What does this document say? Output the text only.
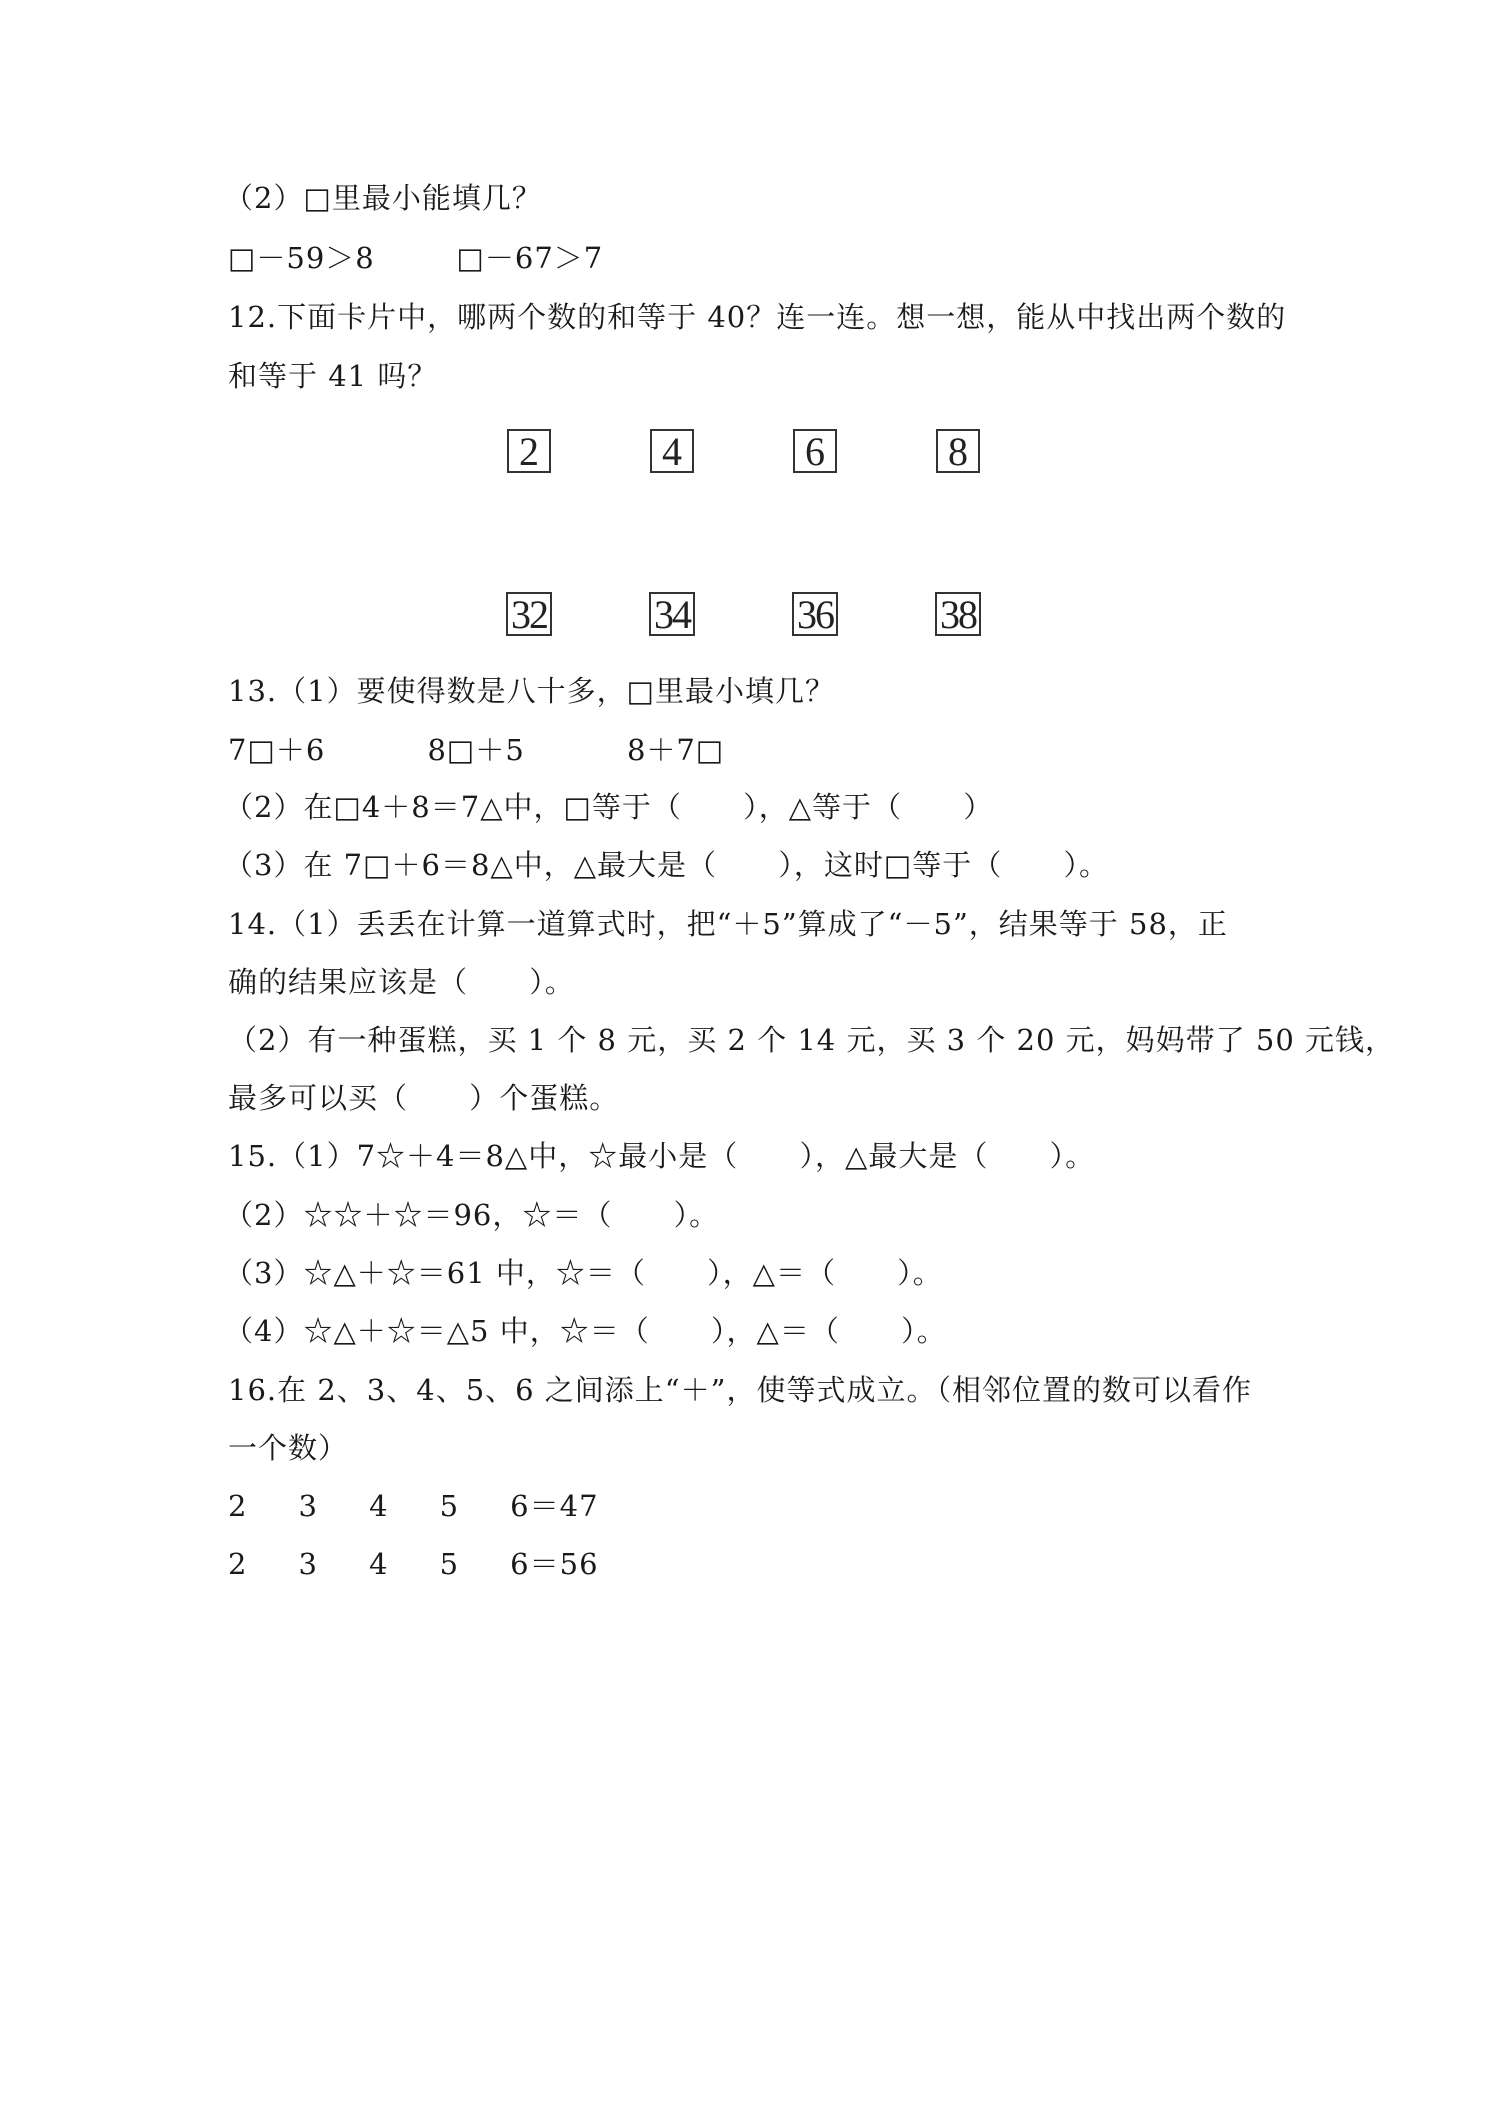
（2）□里最小能填几？
□－59＞8        □－67＞7
12.下面卡片中，哪两个数的和等于 40？连一连。想一想，能从中找出两个数的
和等于 41 吗？
2	4	6	8
32	34	36	38
13.（1）要使得数是八十多，□里最小填几？
7□＋6          8□＋5          8＋7□
（2）在□4＋8＝7△中，□等于（      ），△等于（      ）
（3）在 7□＋6＝8△中，△最大是（      ），这时□等于（      ）。
14.（1）丢丢在计算一道算式时，把“＋5”算成了“－5”，结果等于 58，正
确的结果应该是（      ）。
（2）有一种蛋糕，买 1 个 8 元，买 2 个 14 元，买 3 个 20 元，妈妈带了 50 元钱，
最多可以买（      ）个蛋糕。
15.（1）7☆＋4＝8△中，☆最小是（      ），△最大是（      ）。
（2）☆☆＋☆＝96，☆＝（      ）。
（3）☆△＋☆＝61 中，☆＝（      ），△＝（      ）。
（4）☆△＋☆＝△5 中，☆＝（      ），△＝（      ）。
16.在 2、3、4、5、6 之间添上“＋”，使等式成立。（相邻位置的数可以看作
一个数）
2     3     4     5     6＝47
2     3     4     5     6＝56
